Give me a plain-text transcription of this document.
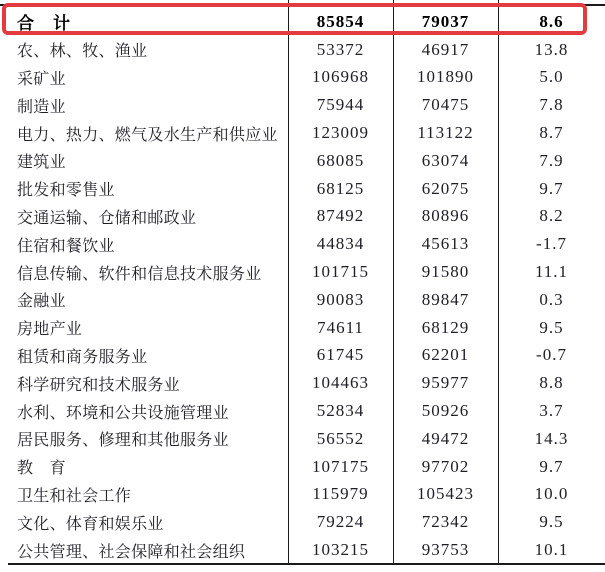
合　计	85854	79037	8.6
农、林、牧、渔业	53372	46917	13.8
采矿业	106968	101890	5.0
制造业	75944	70475	7.8
电力、热力、燃气及水生产和供应业	123009	113122	8.7
建筑业	68085	63074	7.9
批发和零售业	68125	62075	9.7
交通运输、仓储和邮政业	87492	80896	8.2
住宿和餐饮业	44834	45613	-1.7
信息传输、软件和信息技术服务业	101715	91580	11.1
金融业	90083	89847	0.3
房地产业	74611	68129	9.5
租赁和商务服务业	61745	62201	-0.7
科学研究和技术服务业	104463	95977	8.8
水利、环境和公共设施管理业	52834	50926	3.7
居民服务、修理和其他服务业	56552	49472	14.3
教　育	107175	97702	9.7
卫生和社会工作	115979	105423	10.0
文化、体育和娱乐业	79224	72342	9.5
公共管理、社会保障和社会组织	103215	93753	10.1
